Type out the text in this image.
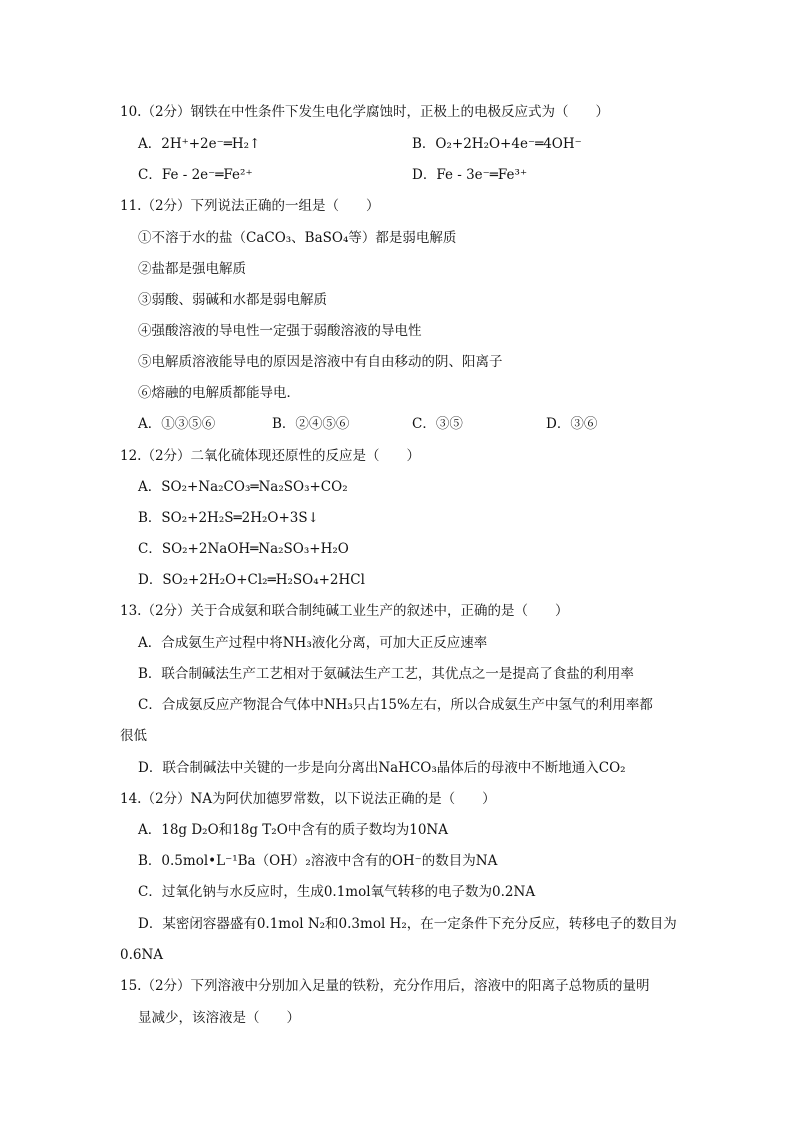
10.（2分）钢铁在中性条件下发生电化学腐蚀时，正极上的电极反应式为（　　）
A．2H⁺+2e⁻═H₂↑	B．O₂+2H₂O+4e⁻═4OH⁻
C．Fe - 2e⁻═Fe²⁺	D．Fe - 3e⁻═Fe³⁺
11.（2分）下列说法正确的一组是（　　）
①不溶于水的盐（CaCO₃、BaSO₄等）都是弱电解质
②盐都是强电解质
③弱酸、弱碱和水都是弱电解质
④强酸溶液的导电性一定强于弱酸溶液的导电性
⑤电解质溶液能导电的原因是溶液中有自由移动的阴、阳离子
⑥熔融的电解质都能导电．
A．①③⑤⑥	B．②④⑤⑥	C．③⑤	D．③⑥
12.（2分）二氧化硫体现还原性的反应是（　　）
A．SO₂+Na₂CO₃═Na₂SO₃+CO₂
B．SO₂+2H₂S═2H₂O+3S↓
C．SO₂+2NaOH═Na₂SO₃+H₂O
D．SO₂+2H₂O+Cl₂═H₂SO₄+2HCl
13.（2分）关于合成氨和联合制纯碱工业生产的叙述中，正确的是（　　）
A．合成氨生产过程中将NH₃液化分离，可加大正反应速率
B．联合制碱法生产工艺相对于氨碱法生产工艺，其优点之一是提高了食盐的利用率
C．合成氨反应产物混合气体中NH₃只占15%左右，所以合成氨生产中氢气的利用率都
很低
D．联合制碱法中关键的一步是向分离出NaHCO₃晶体后的母液中不断地通入CO₂
14.（2分）NA为阿伏加德罗常数，以下说法正确的是（　　）
A．18g D₂O和18g T₂O中含有的质子数均为10NA
B．0.5mol•L⁻¹Ba（OH）₂溶液中含有的OH⁻的数目为NA
C．过氧化钠与水反应时，生成0.1mol氧气转移的电子数为0.2NA
D．某密闭容器盛有0.1mol N₂和0.3mol H₂，在一定条件下充分反应，转移电子的数目为
0.6NA
15.（2分）下列溶液中分别加入足量的铁粉，充分作用后，溶液中的阳离子总物质的量明
显减少，该溶液是（　　）
